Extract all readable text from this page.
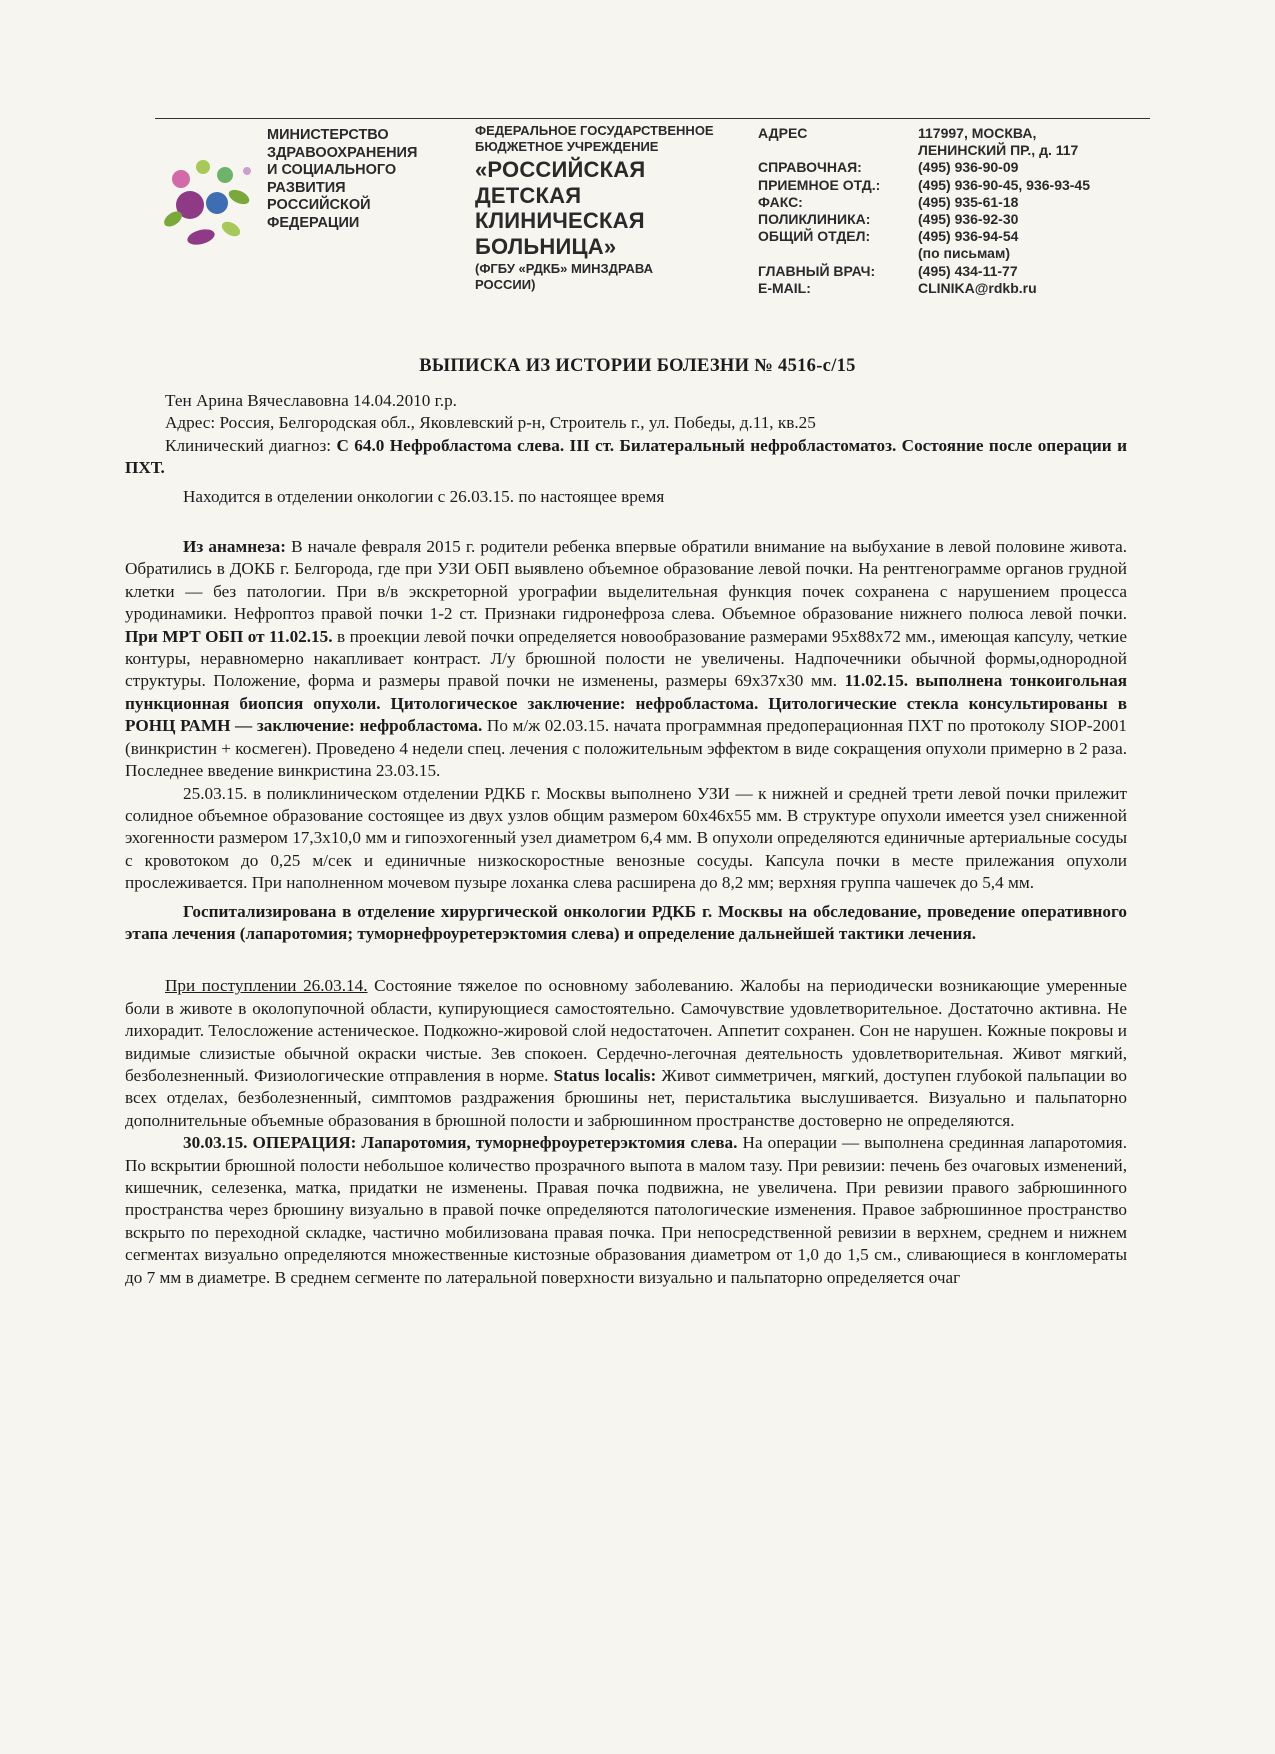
МИНИСТЕРСТВО
ЗДРАВООХРАНЕНИЯ
И СОЦИАЛЬНОГО
РАЗВИТИЯ
РОССИЙСКОЙ
ФЕДЕРАЦИИ
ФЕДЕРАЛЬНОЕ ГОСУДАРСТВЕННОЕ
БЮДЖЕТНОЕ УЧРЕЖДЕНИЕ
«РОССИЙСКАЯ
ДЕТСКАЯ
КЛИНИЧЕСКАЯ
БОЛЬНИЦА»
(ФГБУ «РДКБ» МИНЗДРАВА
РОССИИ)
АДРЕС	117997, МОСКВА,
ЛЕНИНСКИЙ ПР., д. 117
СПРАВОЧНАЯ:	(495) 936-90-09
ПРИЕМНОЕ ОТД.:	(495) 936-90-45, 936-93-45
ФАКС:	(495) 935-61-18
ПОЛИКЛИНИКА:	(495) 936-92-30
ОБЩИЙ ОТДЕЛ:	(495) 936-94-54
(по письмам)
ГЛАВНЫЙ ВРАЧ:	(495) 434-11-77
E-MAIL:	CLINIKA@rdkb.ru
ВЫПИСКА ИЗ ИСТОРИИ БОЛЕЗНИ № 4516-с/15

Тен Арина Вячеславовна 14.04.2010 г.р.

Адрес: Россия, Белгородская обл., Яковлевский р-н, Строитель г., ул. Победы, д.11, кв.25

Клинический диагноз: С 64.0 Нефробластома слева. III ст. Билатеральный нефробластоматоз. Состояние после операции и ПХТ.

Находится в отделении онкологии с 26.03.15. по настоящее время

Из анамнеза: В начале февраля 2015 г. родители ребенка впервые обратили внимание на выбухание в левой половине живота. Обратились в ДОКБ г. Белгорода, где при УЗИ ОБП выявлено объемное образование левой почки. На рентгенограмме органов грудной клетки — без патологии. При в/в экскреторной урографии выделительная функция почек сохранена с нарушением процесса уродинамики. Нефроптоз правой почки 1-2 ст. Признаки гидронефроза слева. Объемное образование нижнего полюса левой почки. При МРТ ОБП от 11.02.15. в проекции левой почки определяется новообразование размерами 95х88х72 мм., имеющая капсулу, четкие контуры, неравномерно накапливает контраст. Л/у брюшной полости не увеличены. Надпочечники обычной формы,однородной структуры. Положение, форма и размеры правой почки не изменены, размеры 69х37х30 мм. 11.02.15. выполнена тонкоигольная пункционная биопсия опухоли. Цитологическое заключение: нефробластома. Цитологические стекла консультированы в РОНЦ РАМН — заключение: нефробластома. По м/ж 02.03.15. начата программная предоперационная ПХТ по протоколу SIOP-2001 (винкристин + космеген). Проведено 4 недели спец. лечения с положительным эффектом в виде сокращения опухоли примерно в 2 раза. Последнее введение винкристина 23.03.15.

25.03.15. в поликлиническом отделении РДКБ г. Москвы выполнено УЗИ — к нижней и средней трети левой почки прилежит солидное объемное образование состоящее из двух узлов общим размером 60х46х55 мм. В структуре опухоли имеется узел сниженной эхогенности размером 17,3х10,0 мм и гипоэхогенный узел диаметром 6,4 мм. В опухоли определяются единичные артериальные сосуды с кровотоком до 0,25 м/сек и единичные низкоскоростные венозные сосуды. Капсула почки в месте прилежания опухоли прослеживается. При наполненном мочевом пузыре лоханка слева расширена до 8,2 мм; верхняя группа чашечек до 5,4 мм.

Госпитализирована в отделение хирургической онкологии РДКБ г. Москвы на обследование, проведение оперативного этапа лечения (лапаротомия; туморнефроуретерэктомия слева) и определение дальнейшей тактики лечения.

При поступлении 26.03.14. Состояние тяжелое по основному заболеванию. Жалобы на периодически возникающие умеренные боли в животе в околопупочной области, купирующиеся самостоятельно. Самочувствие удовлетворительное. Достаточно активна. Не лихорадит. Телосложение астеническое. Подкожно-жировой слой недостаточен. Аппетит сохранен. Сон не нарушен. Кожные покровы и видимые слизистые обычной окраски чистые. Зев спокоен. Сердечно-легочная деятельность удовлетворительная. Живот мягкий, безболезненный. Физиологические отправления в норме. Status localis: Живот симметричен, мягкий, доступен глубокой пальпации во всех отделах, безболезненный, симптомов раздражения брюшины нет, перистальтика выслушивается. Визуально и пальпаторно дополнительные объемные образования в брюшной полости и забрюшинном пространстве достоверно не определяются.

30.03.15. ОПЕРАЦИЯ: Лапаротомия, туморнефроуретерэктомия слева. На операции — выполнена срединная лапаротомия. По вскрытии брюшной полости небольшое количество прозрачного выпота в малом тазу. При ревизии: печень без очаговых изменений, кишечник, селезенка, матка, придатки не изменены. Правая почка подвижна, не увеличена. При ревизии правого забрюшинного пространства через брюшину визуально в правой почке определяются патологические изменения. Правое забрюшинное пространство вскрыто по переходной складке, частично мобилизована правая почка. При непосредственной ревизии в верхнем, среднем и нижнем сегментах визуально определяются множественные кистозные образования диаметром от 1,0 до 1,5 см., сливающиеся в конгломераты до 7 мм в диаметре. В среднем сегменте по латеральной поверхности визуально и пальпаторно определяется очаг
